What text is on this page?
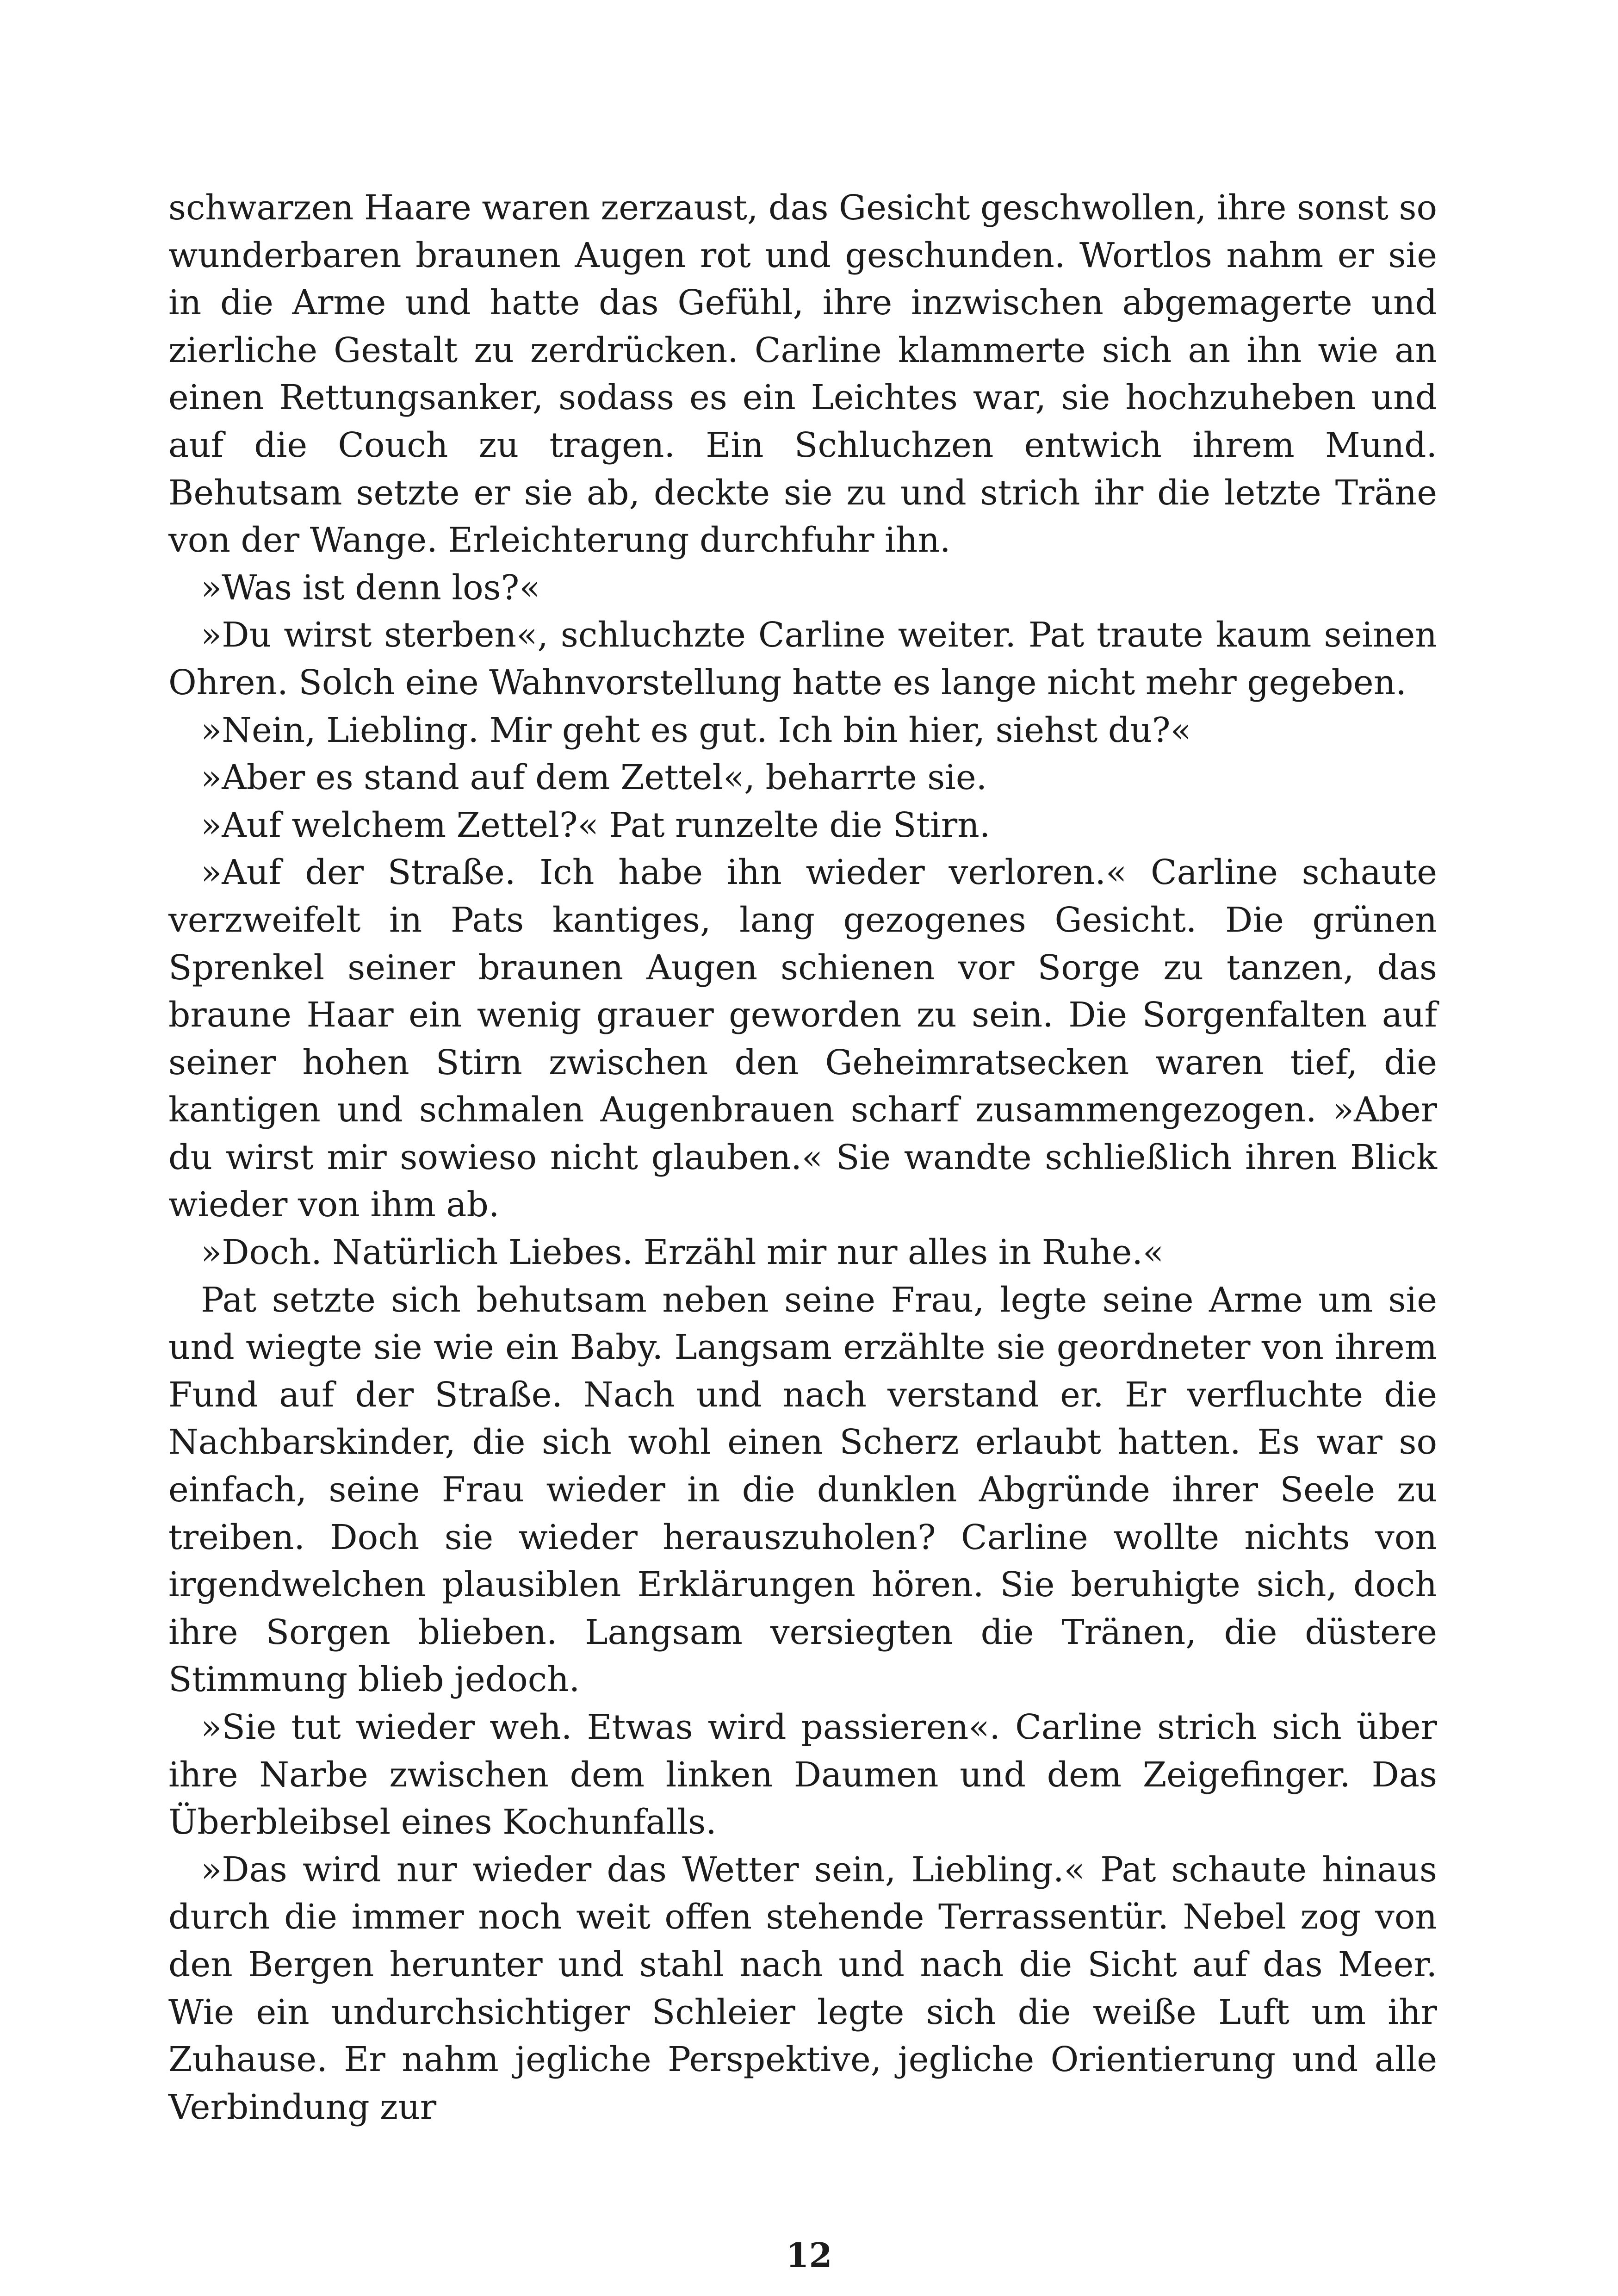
schwarzen Haare waren zerzaust, das Gesicht geschwollen, ihre sonst so wunderbaren braunen Augen rot und geschunden. Wortlos nahm er sie in die Arme und hatte das Gefühl, ihre inzwischen abgemagerte und zierliche Gestalt zu zerdrücken. Carline klammerte sich an ihn wie an einen Rettungsanker, sodass es ein Leichtes war, sie hochzuheben und auf die Couch zu tragen. Ein Schluchzen entwich ihrem Mund. Behutsam setzte er sie ab, deckte sie zu und strich ihr die letzte Träne von der Wange. Erleichterung durchfuhr ihn.

»Was ist denn los?«

»Du wirst sterben«, schluchzte Carline weiter. Pat traute kaum seinen Ohren. Solch eine Wahnvorstellung hatte es lange nicht mehr gegeben.

»Nein, Liebling. Mir geht es gut. Ich bin hier, siehst du?«

»Aber es stand auf dem Zettel«, beharrte sie.

»Auf welchem Zettel?« Pat runzelte die Stirn.

»Auf der Straße. Ich habe ihn wieder verloren.« Carline schaute verzweifelt in Pats kantiges, lang gezogenes Gesicht. Die grünen Sprenkel seiner braunen Augen schienen vor Sorge zu tanzen, das braune Haar ein wenig grauer geworden zu sein. Die Sorgenfalten auf seiner hohen Stirn zwischen den Geheimratsecken waren tief, die kantigen und schmalen Augenbrauen scharf zusammengezogen. »Aber du wirst mir sowieso nicht glauben.« Sie wandte schließlich ihren Blick wieder von ihm ab.

»Doch. Natürlich Liebes. Erzähl mir nur alles in Ruhe.«

Pat setzte sich behutsam neben seine Frau, legte seine Arme um sie und wiegte sie wie ein Baby. Langsam erzählte sie geordneter von ihrem Fund auf der Straße. Nach und nach verstand er. Er verfluchte die Nachbarskinder, die sich wohl einen Scherz erlaubt hatten. Es war so einfach, seine Frau wieder in die dunklen Abgründe ihrer Seele zu treiben. Doch sie wieder herauszuholen? Carline wollte nichts von irgendwelchen plausiblen Erklärungen hören. Sie beruhigte sich, doch ihre Sorgen blieben. Langsam versiegten die Tränen, die düstere Stimmung blieb jedoch.

»Sie tut wieder weh. Etwas wird passieren«. Carline strich sich über ihre Narbe zwischen dem linken Daumen und dem Zeigefinger. Das Überbleibsel eines Kochunfalls.

»Das wird nur wieder das Wetter sein, Liebling.« Pat schaute hinaus durch die immer noch weit offen stehende Terrassentür. Nebel zog von den Bergen herunter und stahl nach und nach die Sicht auf das Meer. Wie ein undurchsichtiger Schleier legte sich die weiße Luft um ihr Zuhause. Er nahm jegliche Perspektive, jegliche Orientierung und alle Verbindung zur

12
